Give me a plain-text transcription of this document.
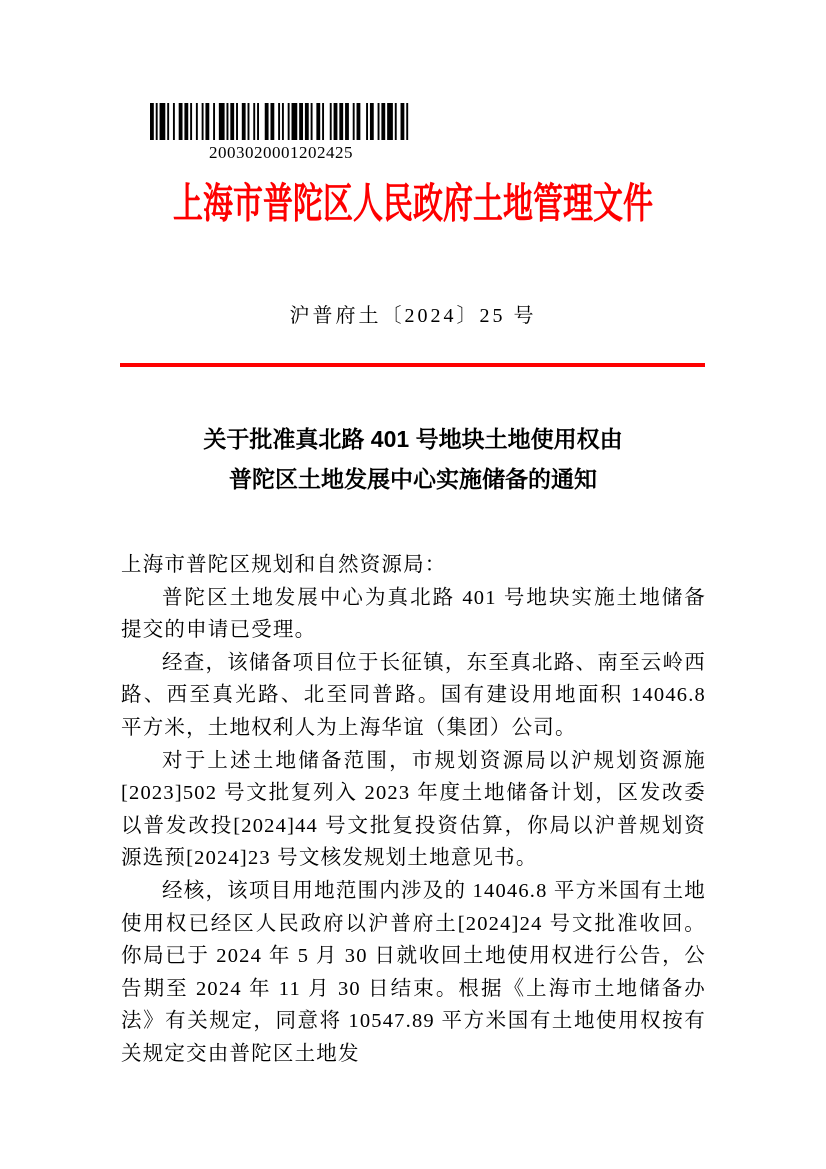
2003020001202425
上海市普陀区人民政府土地管理文件
沪普府土〔2024〕25 号
关于批准真北路 401 号地块土地使用权由
普陀区土地发展中心实施储备的通知

上海市普陀区规划和自然资源局：

普陀区土地发展中心为真北路 401 号地块实施土地储备提交的申请已受理。

经查，该储备项目位于长征镇，东至真北路、南至云岭西路、西至真光路、北至同普路。国有建设用地面积 14046.8 平方米，土地权利人为上海华谊（集团）公司。

对于上述土地储备范围，市规划资源局以沪规划资源施[2023]502 号文批复列入 2023 年度土地储备计划，区发改委以普发改投[2024]44 号文批复投资估算，你局以沪普规划资源选预[2024]23 号文核发规划土地意见书。

经核，该项目用地范围内涉及的 14046.8 平方米国有土地使用权已经区人民政府以沪普府土[2024]24 号文批准收回。你局已于 2024 年 5 月 30 日就收回土地使用权进行公告，公告期至 2024 年 11 月 30 日结束。根据《上海市土地储备办法》有关规定，同意将 10547.89 平方米国有土地使用权按有关规定交由普陀区土地发
